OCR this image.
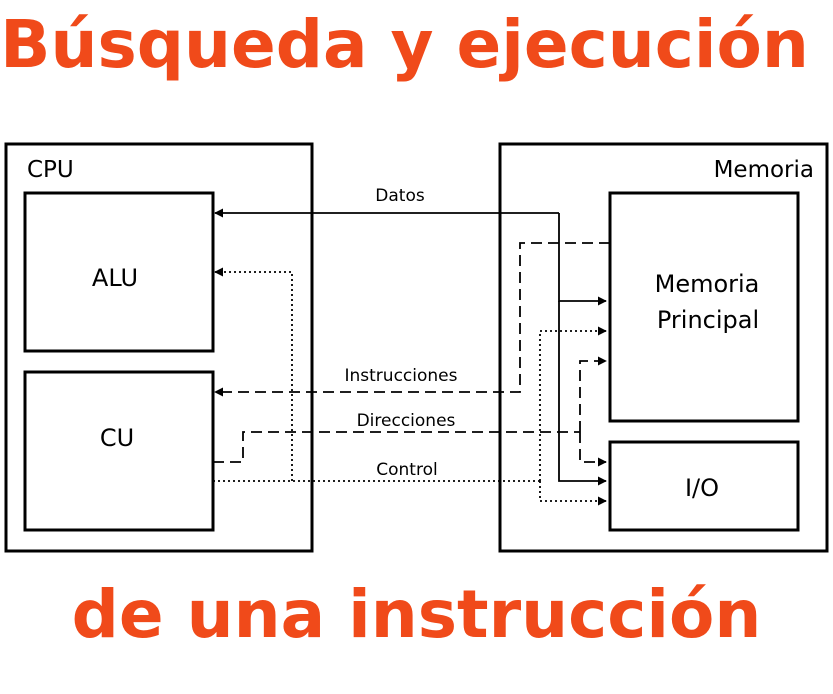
Búsqueda y ejecución
CPU
ALU
CU
Memoria
Memoria
Principal
I/O
Datos
Instrucciones
Direcciones
Control
de una instrucción
